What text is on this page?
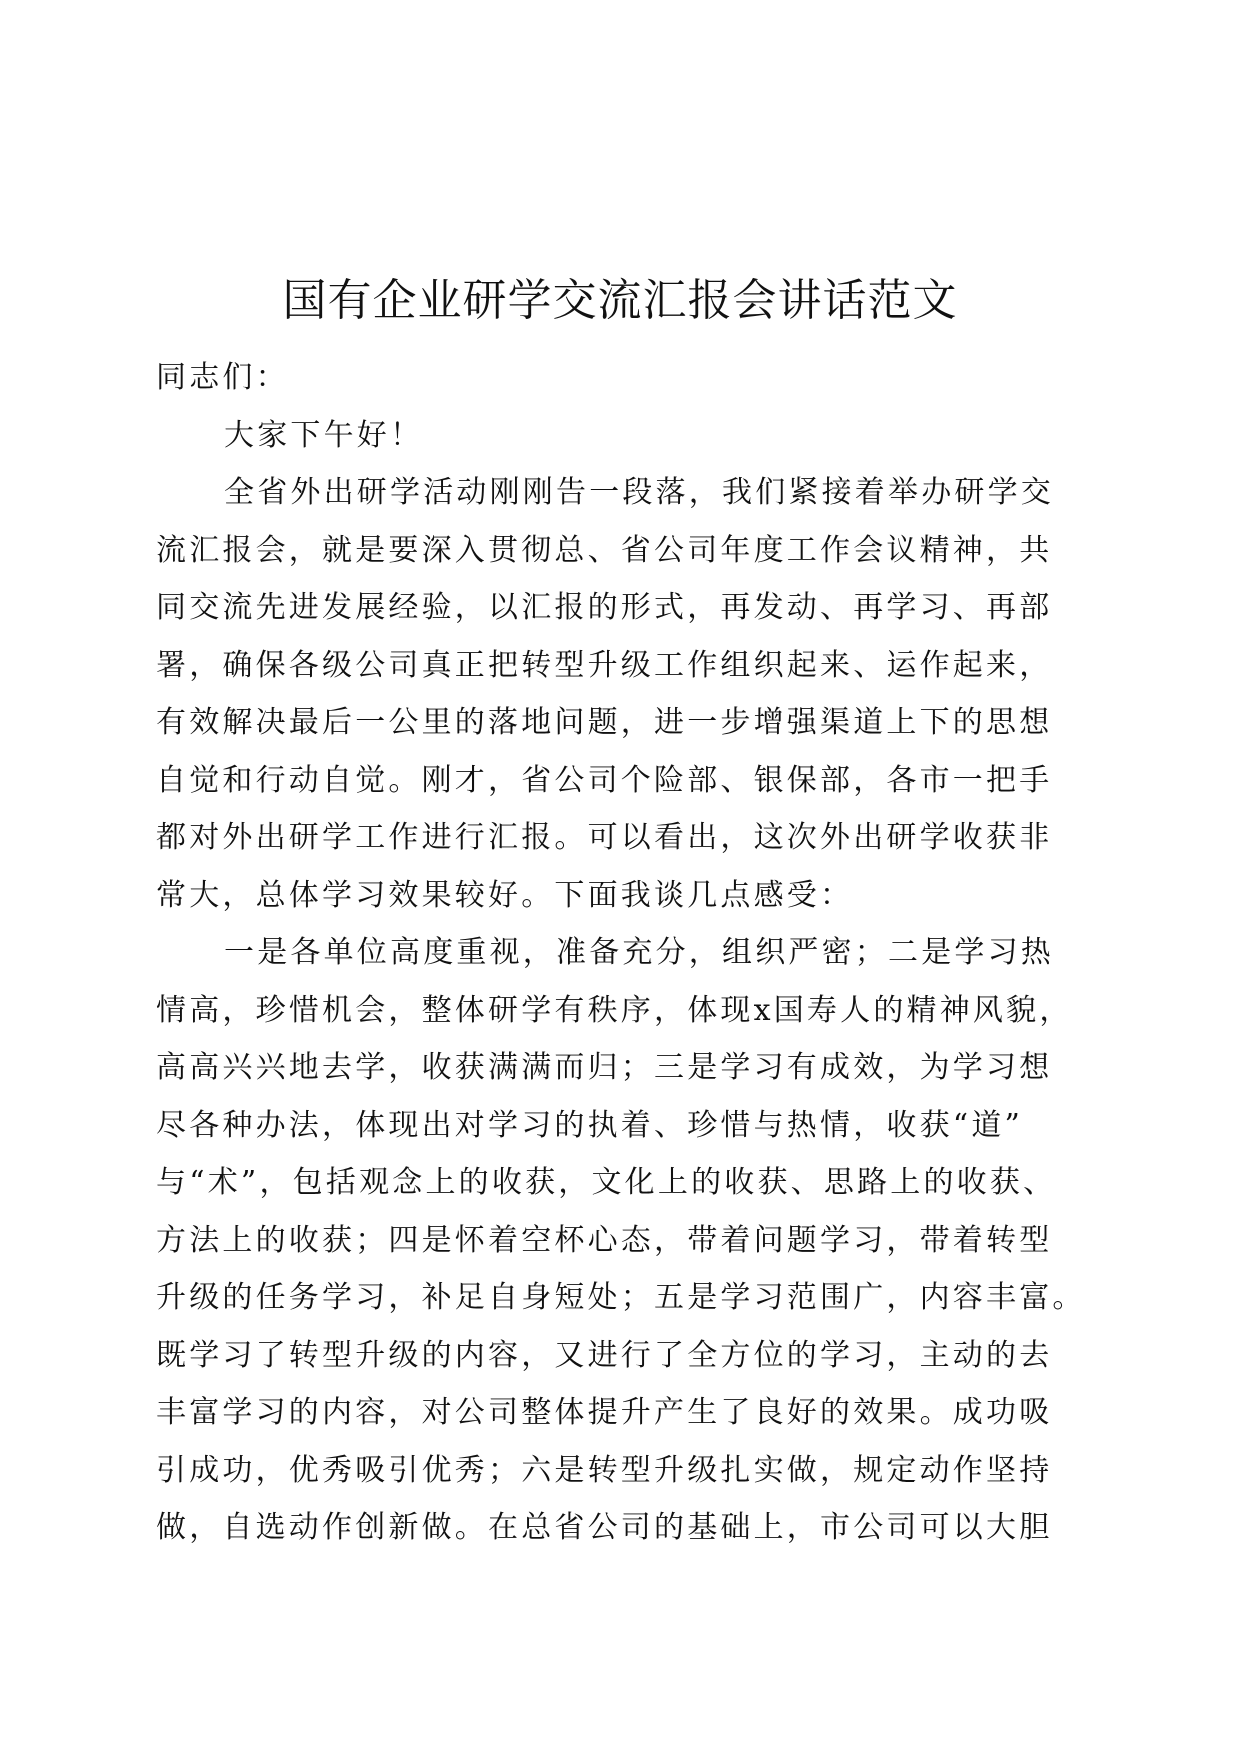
国有企业研学交流汇报会讲话范文
同志们：
大家下午好！
全省外出研学活动刚刚告一段落，我们紧接着举办研学交
流汇报会，就是要深入贯彻总、省公司年度工作会议精神，共
同交流先进发展经验，以汇报的形式，再发动、再学习、再部
署，确保各级公司真正把转型升级工作组织起来、运作起来，
有效解决最后一公里的落地问题，进一步增强渠道上下的思想
自觉和行动自觉。刚才，省公司个险部、银保部，各市一把手
都对外出研学工作进行汇报。可以看出，这次外出研学收获非
常大，总体学习效果较好。下面我谈几点感受：
一是各单位高度重视，准备充分，组织严密；二是学习热
情高，珍惜机会，整体研学有秩序，体现x国寿人的精神风貌，
高高兴兴地去学，收获满满而归；三是学习有成效，为学习想
尽各种办法，体现出对学习的执着、珍惜与热情，收获“道”
与“术”，包括观念上的收获，文化上的收获、思路上的收获、
方法上的收获；四是怀着空杯心态，带着问题学习，带着转型
升级的任务学习，补足自身短处；五是学习范围广，内容丰富。
既学习了转型升级的内容，又进行了全方位的学习，主动的去
丰富学习的内容，对公司整体提升产生了良好的效果。成功吸
引成功，优秀吸引优秀；六是转型升级扎实做，规定动作坚持
做，自选动作创新做。在总省公司的基础上，市公司可以大胆
